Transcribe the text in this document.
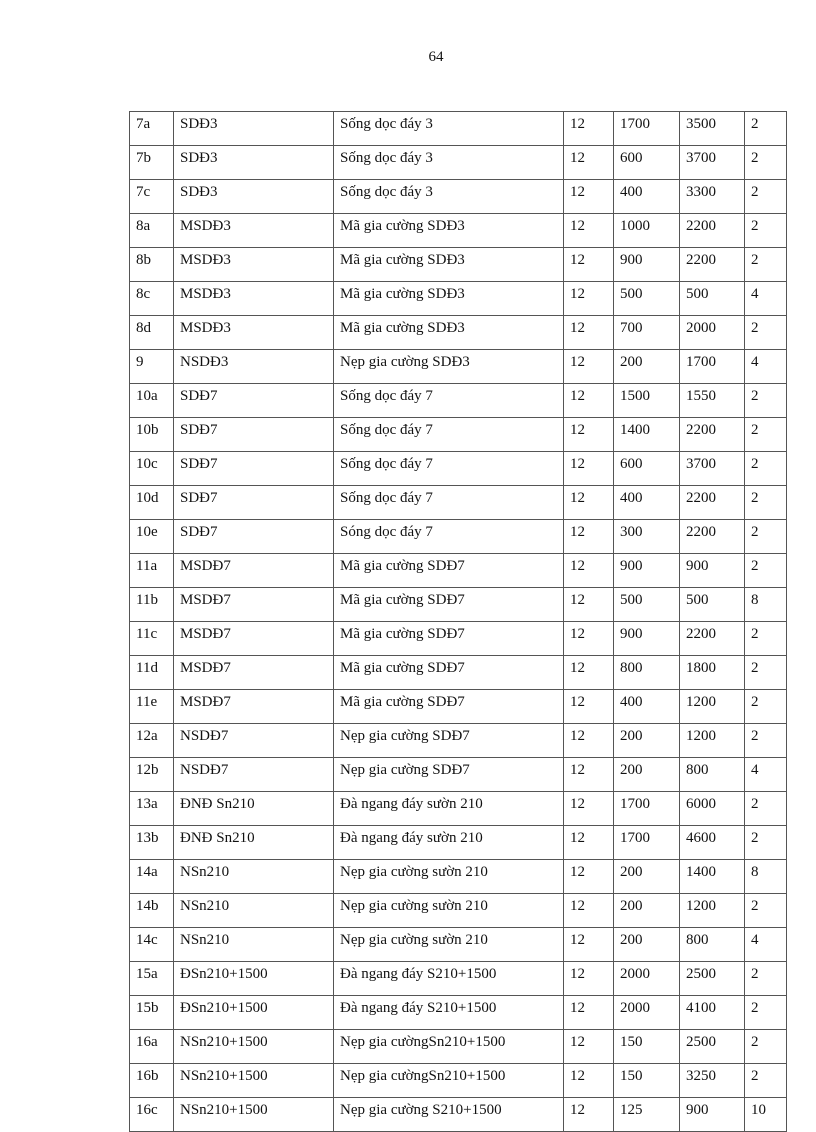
64
7a	SDĐ3	Sống dọc đáy 3	12	1700	3500	2
7b	SDĐ3	Sống dọc đáy 3	12	600	3700	2
7c	SDĐ3	Sống dọc đáy 3	12	400	3300	2
8a	MSDĐ3	Mã gia cường SDĐ3	12	1000	2200	2
8b	MSDĐ3	Mã gia cường SDĐ3	12	900	2200	2
8c	MSDĐ3	Mã gia cường SDĐ3	12	500	500	4
8d	MSDĐ3	Mã gia cường SDĐ3	12	700	2000	2
9	NSDĐ3	Nẹp gia cường SDĐ3	12	200	1700	4
10a	SDĐ7	Sống dọc đáy 7	12	1500	1550	2
10b	SDĐ7	Sống dọc đáy 7	12	1400	2200	2
10c	SDĐ7	Sống dọc đáy 7	12	600	3700	2
10d	SDĐ7	Sống dọc đáy 7	12	400	2200	2
10e	SDĐ7	Sóng dọc đáy 7	12	300	2200	2
11a	MSDĐ7	Mã gia cường SDĐ7	12	900	900	2
11b	MSDĐ7	Mã gia cường SDĐ7	12	500	500	8
11c	MSDĐ7	Mã gia cường SDĐ7	12	900	2200	2
11d	MSDĐ7	Mã gia cường SDĐ7	12	800	1800	2
11e	MSDĐ7	Mã gia cường SDĐ7	12	400	1200	2
12a	NSDĐ7	Nẹp gia cường SDĐ7	12	200	1200	2
12b	NSDĐ7	Nẹp gia cường SDĐ7	12	200	800	4
13a	ĐNĐ Sn210	Đà ngang đáy sườn 210	12	1700	6000	2
13b	ĐNĐ Sn210	Đà ngang đáy sườn 210	12	1700	4600	2
14a	NSn210	Nẹp gia cường sườn 210	12	200	1400	8
14b	NSn210	Nẹp gia cường sườn 210	12	200	1200	2
14c	NSn210	Nẹp gia cường sườn 210	12	200	800	4
15a	ĐSn210+1500	Đà ngang đáy S210+1500	12	2000	2500	2
15b	ĐSn210+1500	Đà ngang đáy S210+1500	12	2000	4100	2
16a	NSn210+1500	Nẹp gia cườngSn210+1500	12	150	2500	2
16b	NSn210+1500	Nẹp gia cườngSn210+1500	12	150	3250	2
16c	NSn210+1500	Nẹp gia cường S210+1500	12	125	900	10
